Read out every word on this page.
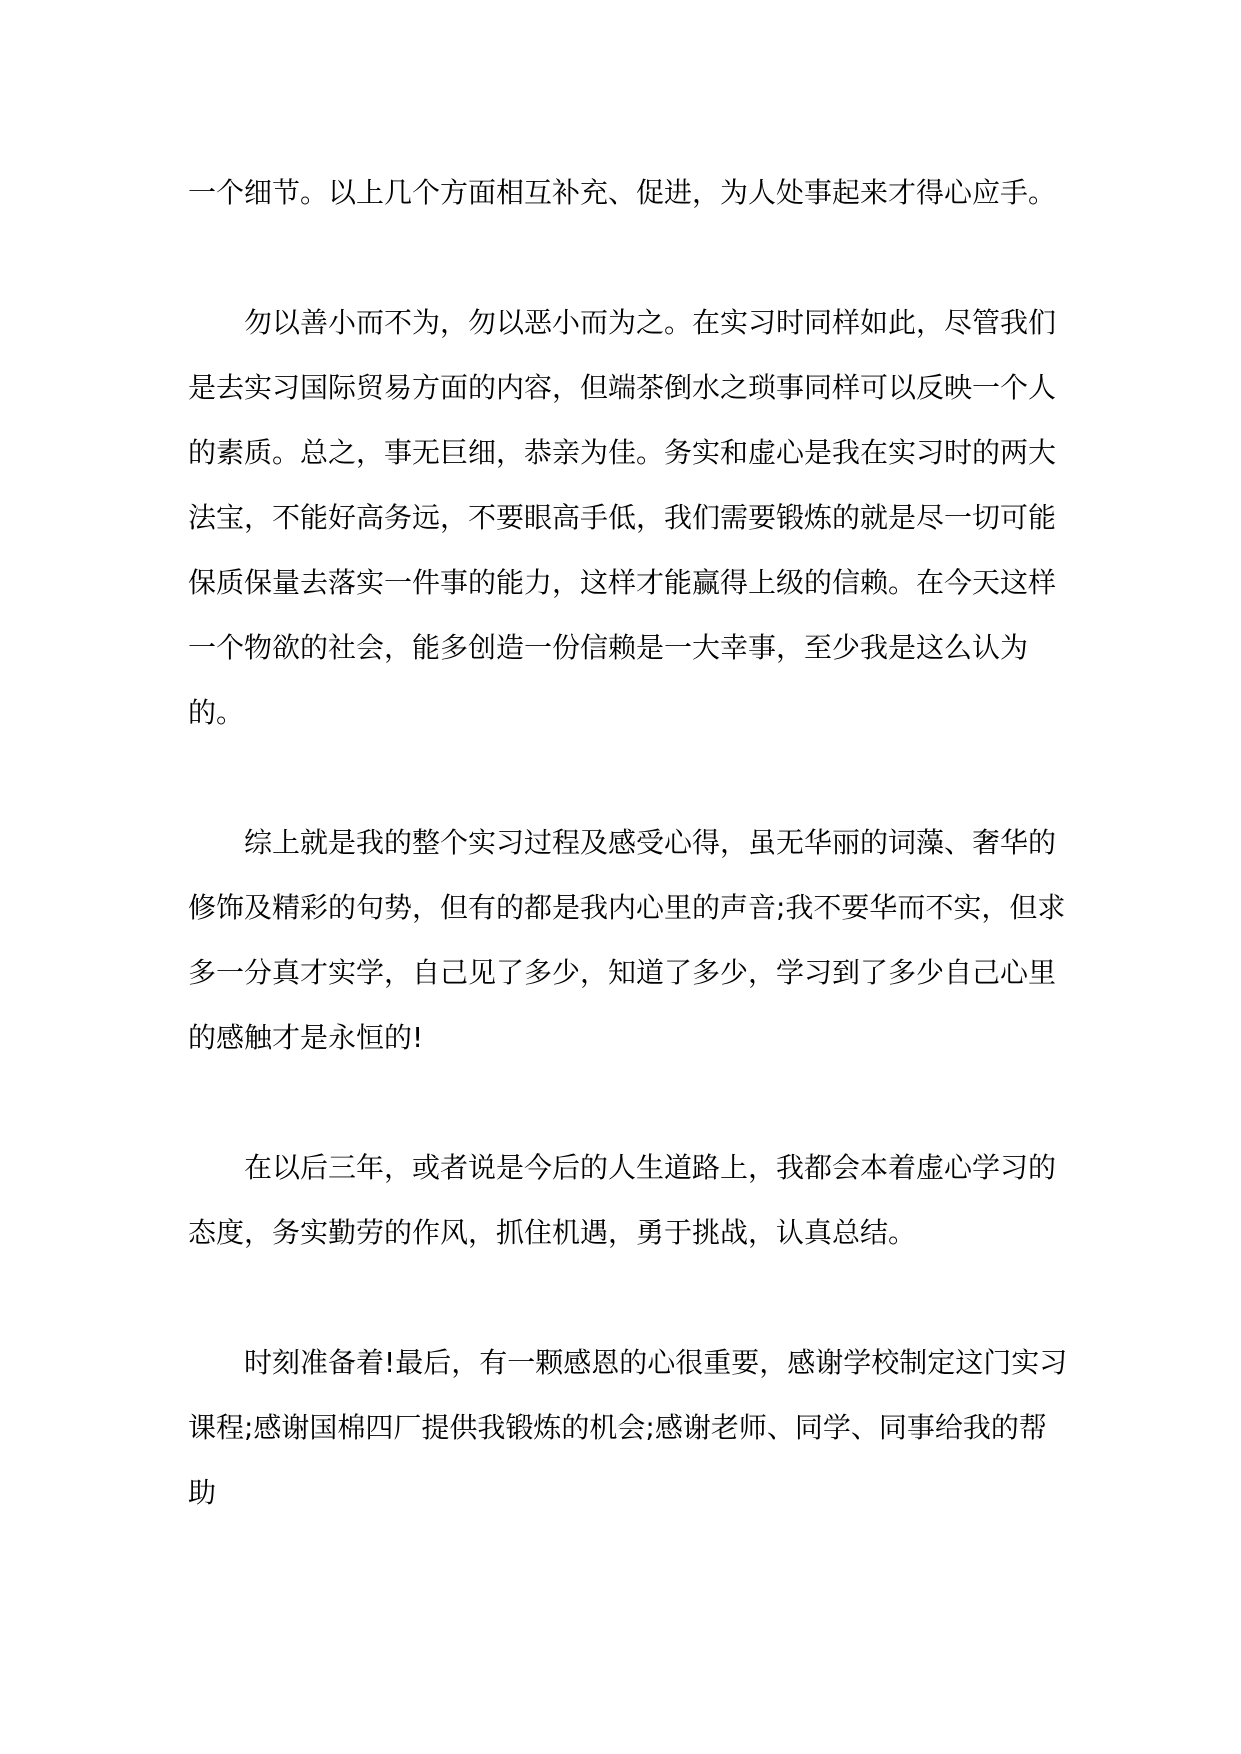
一个细节。以上几个方面相互补充、促进，为人处事起来才得心应手。

勿以善小而不为，勿以恶小而为之。在实习时同样如此，尽管我们是去实习国际贸易方面的内容，但端茶倒水之琐事同样可以反映一个人的素质。总之，事无巨细，恭亲为佳。务实和虚心是我在实习时的两大法宝，不能好高务远，不要眼高手低，我们需要锻炼的就是尽一切可能保质保量去落实一件事的能力，这样才能赢得上级的信赖。在今天这样一个物欲的社会，能多创造一份信赖是一大幸事，至少我是这么认为的。

综上就是我的整个实习过程及感受心得，虽无华丽的词藻、奢华的修饰及精彩的句势，但有的都是我内心里的声音;我不要华而不实，但求多一分真才实学，自己见了多少，知道了多少，学习到了多少自己心里的感触才是永恒的!

在以后三年，或者说是今后的人生道路上，我都会本着虚心学习的态度，务实勤劳的作风，抓住机遇，勇于挑战，认真总结。

时刻准备着!最后，有一颗感恩的心很重要，感谢学校制定这门实习课程;感谢国棉四厂提供我锻炼的机会;感谢老师、同学、同事给我的帮助
